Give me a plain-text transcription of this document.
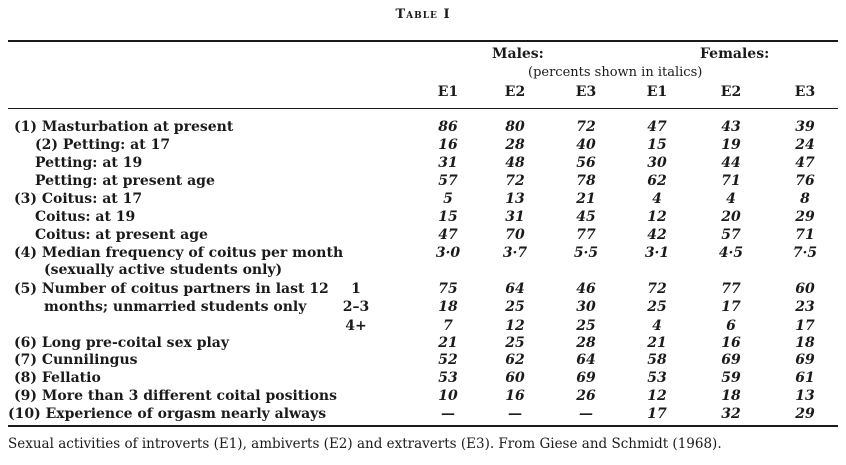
Table I
Males:	Females:
(percents shown in italics)
E1	E2	E3	E1	E2	E3
(1) Masturbation at present	86	80	72	47	43	39
(2) Petting: at 17	16	28	40	15	19	24
Petting: at 19	31	48	56	30	44	47
Petting: at present age	57	72	78	62	71	76
(3) Coitus: at 17	5	13	21	4	4	8
Coitus: at 19	15	31	45	12	20	29
Coitus: at present age	47	70	77	42	57	71
(4) Median frequency of coitus per month	3·0	3·7	5·5	3·1	4·5	7·5
(sexually active students only)
(5) Number of coitus partners in last 12	1	75	64	46	72	77	60
months; unmarried students only	2–3	18	25	30	25	17	23
4+	7	12	25	4	6	17
(6) Long pre-coital sex play	21	25	28	21	16	18
(7) Cunnilingus	52	62	64	58	69	69
(8) Fellatio	53	60	69	53	59	61
(9) More than 3 different coital positions	10	16	26	12	18	13
(10) Experience of orgasm nearly always	—	—	—	17	32	29
Sexual activities of introverts (E1), ambiverts (E2) and extraverts (E3). From Giese and Schmidt (1968).
